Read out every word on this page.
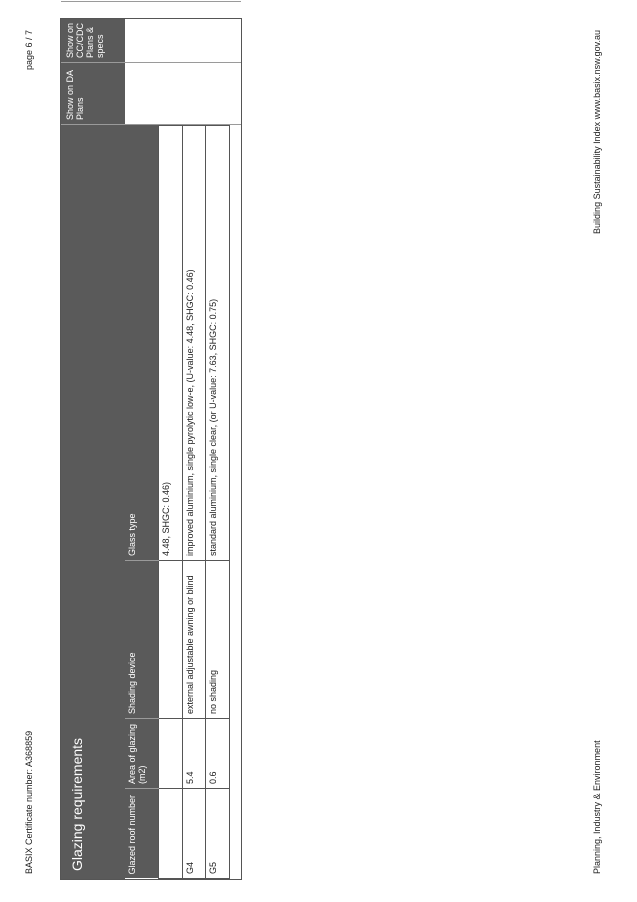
BASIX Certificate number: A368859
page 6 / 7
Glazing requirements
Show on DA Plans
Show on CC/CDC Plans & specs
Glazed roof number	Area of glazing (m2)	Shading device	Glass type
			4.48, SHGC: 0.46)
G4	5.4	external adjustable awning or blind	improved aluminium, single pyrolytic low-e, (U-value: 4.48, SHGC: 0.46)
G5	0.6	no shading	standard aluminium, single clear, (or U-value: 7.63, SHGC: 0.75)
Planning, Industry & Environment
Building Sustainability Index www.basix.nsw.gov.au
